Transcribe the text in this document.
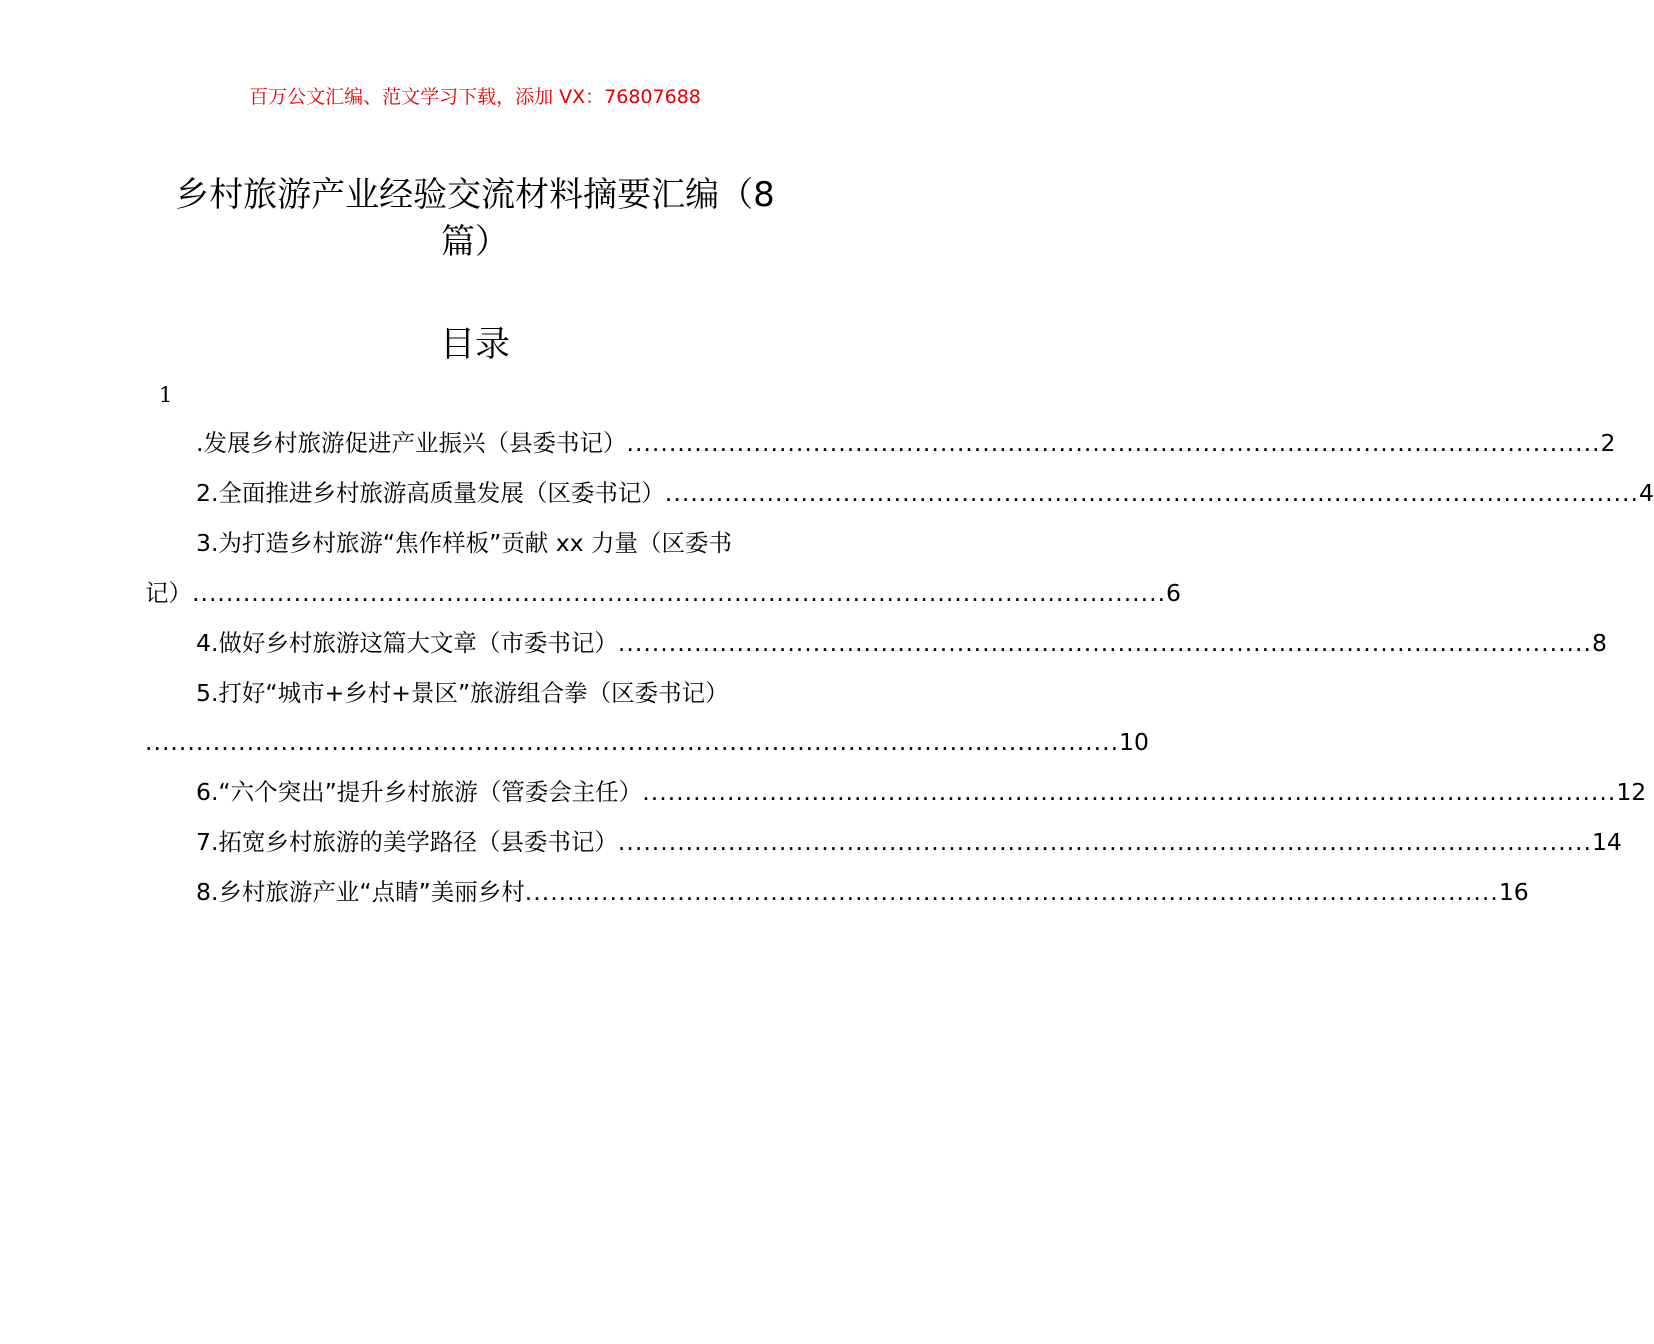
百万公文汇编、范文学习下载，添加 VX：76807688
乡村旅游产业经验交流材料摘要汇编（8
篇）
目录
1
.发展乡村旅游促进产业振兴（县委书记） ................................................................................................................... 2
2.全面推进乡村旅游高质量发展（区委书记） ................................................................................................................... 4
3.为打造乡村旅游“焦作样板”贡献 xx 力量（区委书
记） ................................................................................................................... 6
4.做好乡村旅游这篇大文章（市委书记） ................................................................................................................... 8
5.打好“城市+乡村+景区”旅游组合拳（区委书记）
................................................................................................................... 10
6.“六个突出”提升乡村旅游（管委会主任） ................................................................................................................... 12
7.拓宽乡村旅游的美学路径（县委书记） ................................................................................................................... 14
8.乡村旅游产业“点睛”美丽乡村 ................................................................................................................... 16
